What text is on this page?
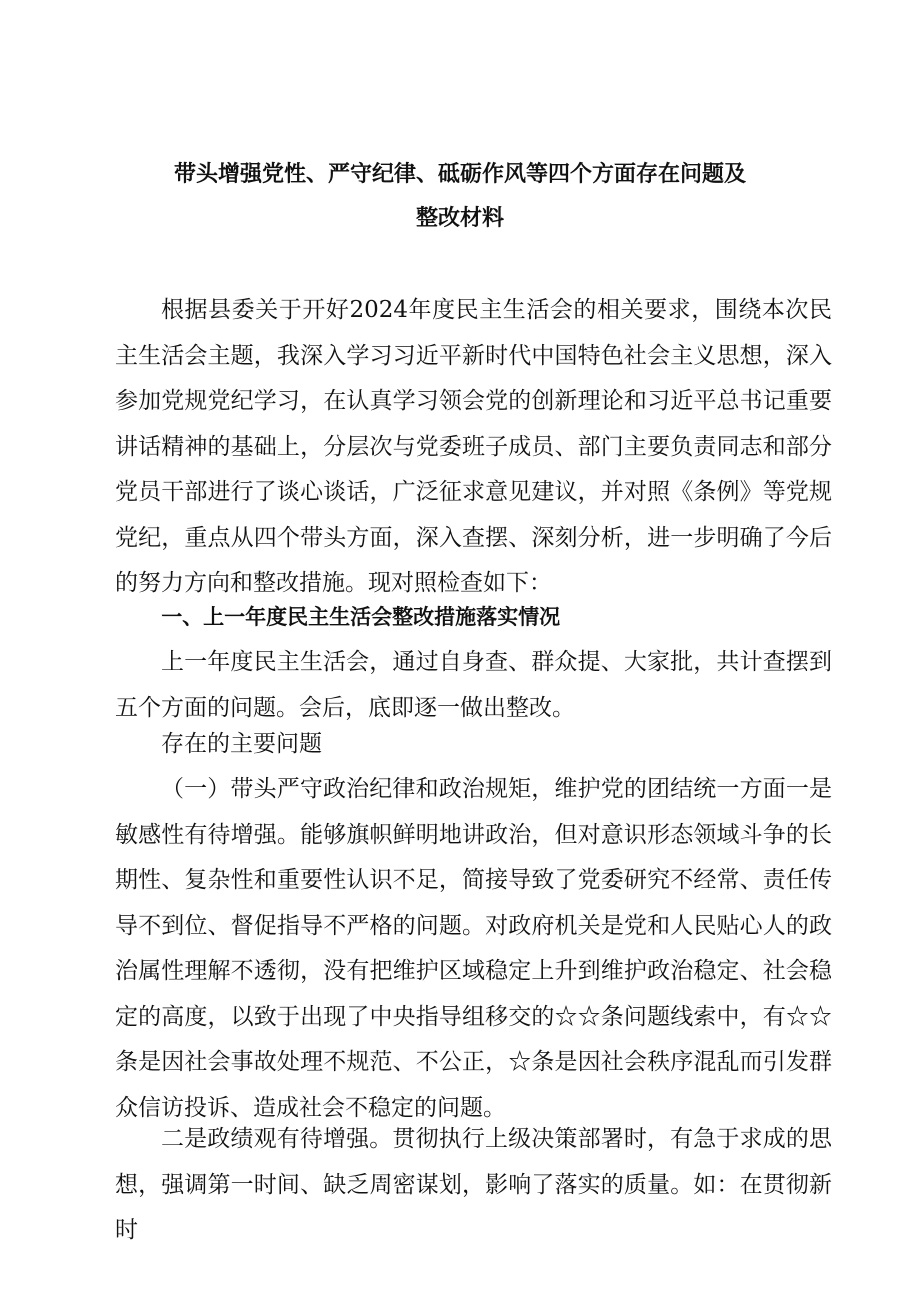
带头增强党性、严守纪律、砥砺作风等四个方面存在问题及
整改材料

根据县委关于开好2024年度民主生活会的相关要求，围绕本次民主生活会主题，我深入学习习近平新时代中国特色社会主义思想，深入参加党规党纪学习，在认真学习领会党的创新理论和习近平总书记重要讲话精神的基础上，分层次与党委班子成员、部门主要负责同志和部分党员干部进行了谈心谈话，广泛征求意见建议，并对照《条例》等党规党纪，重点从四个带头方面，深入查摆、深刻分析，进一步明确了今后的努力方向和整改措施。现对照检查如下：

一、上一年度民主生活会整改措施落实情况

上一年度民主生活会，通过自身查、群众提、大家批，共计查摆到五个方面的问题。会后，底即逐一做出整改。

存在的主要问题

（一）带头严守政治纪律和政治规矩，维护党的团结统一方面一是敏感性有待增强。能够旗帜鲜明地讲政治，但对意识形态领域斗争的长期性、复杂性和重要性认识不足，简接导致了党委研究不经常、责任传导不到位、督促指导不严格的问题。对政府机关是党和人民贴心人的政治属性理解不透彻，没有把维护区域稳定上升到维护政治稳定、社会稳定的高度，以致于出现了中央指导组移交的☆☆条问题线索中，有☆☆条是因社会事故处理不规范、不公正，☆条是因社会秩序混乱而引发群众信访投诉、造成社会不稳定的问题。

二是政绩观有待增强。贯彻执行上级决策部署时，有急于求成的思想，强调第一时间、缺乏周密谋划，影响了落实的质量。如：在贯彻新时
